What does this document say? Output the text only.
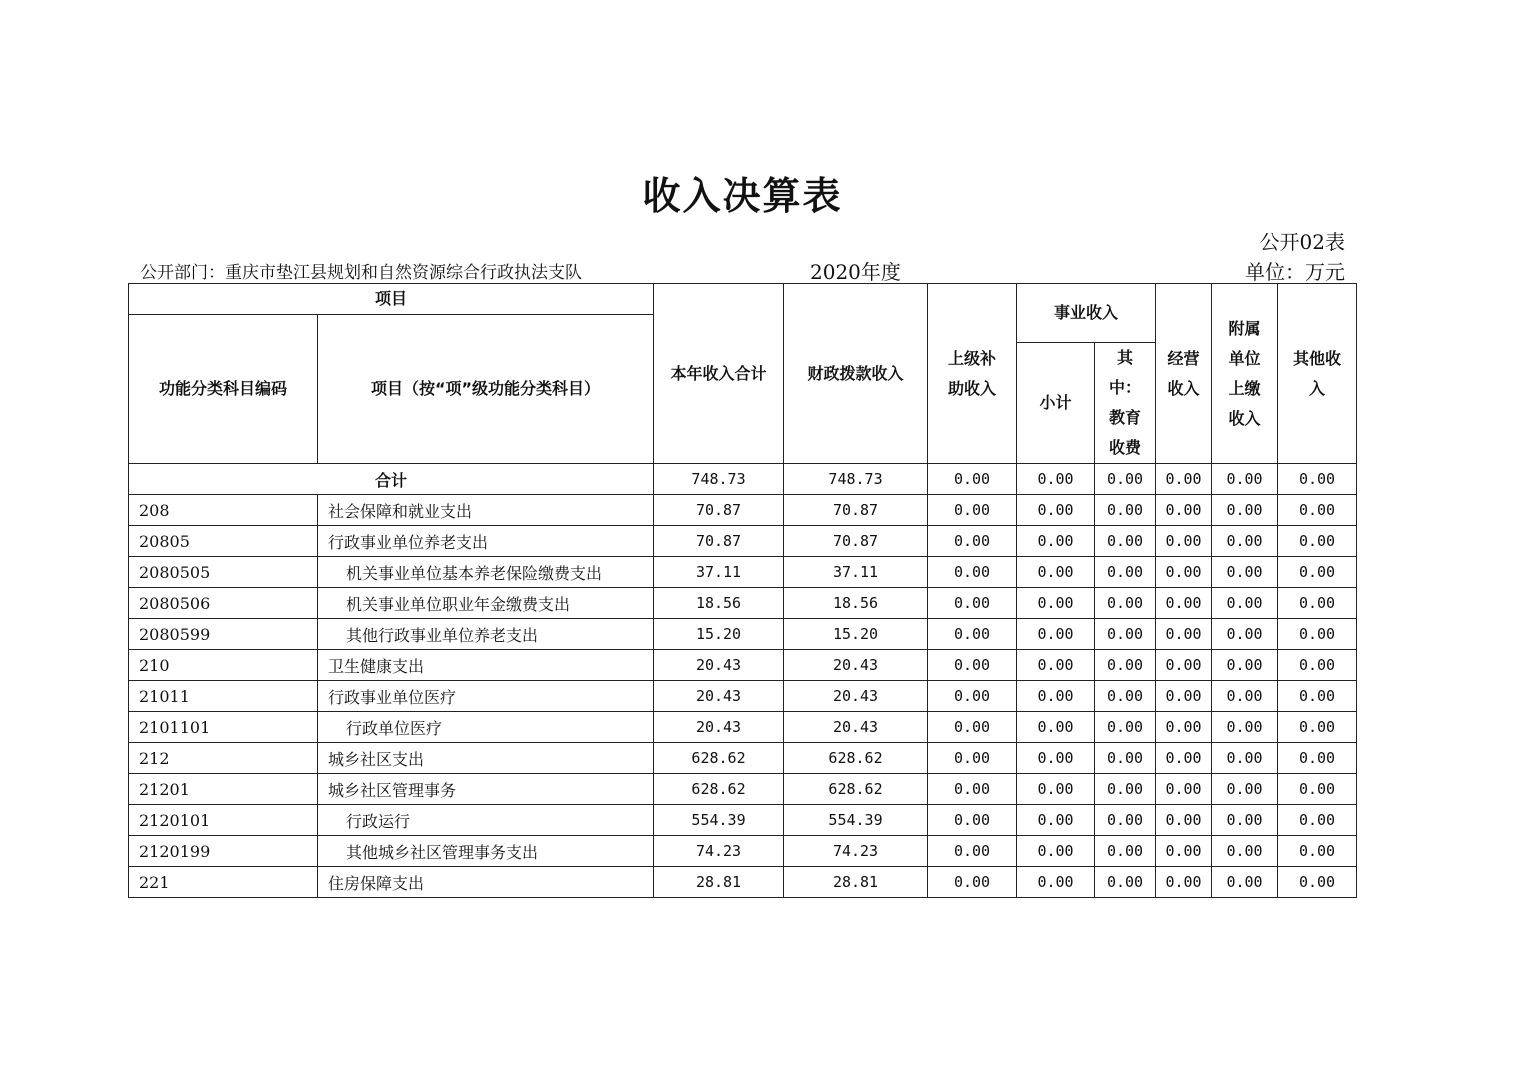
收入决算表
公开02表
公开部门：重庆市垫江县规划和自然资源综合行政执法支队	2020年度	单位：万元
项目		本年收入合计	财政拨款收入	上级补助收入	事业收入		经营收入	附属单位上缴收入	其他收入
功能分类科目编码	项目（按“项”级功能分类科目）								
					小计	其中：教育收费			
合计		748.73	748.73	0.00	0.00	0.00	0.00	0.00	0.00
208	社会保障和就业支出	70.87	70.87	0.00	0.00	0.00	0.00	0.00	0.00
20805	行政事业单位养老支出	70.87	70.87	0.00	0.00	0.00	0.00	0.00	0.00
2080505	机关事业单位基本养老保险缴费支出	37.11	37.11	0.00	0.00	0.00	0.00	0.00	0.00
2080506	机关事业单位职业年金缴费支出	18.56	18.56	0.00	0.00	0.00	0.00	0.00	0.00
2080599	其他行政事业单位养老支出	15.20	15.20	0.00	0.00	0.00	0.00	0.00	0.00
210	卫生健康支出	20.43	20.43	0.00	0.00	0.00	0.00	0.00	0.00
21011	行政事业单位医疗	20.43	20.43	0.00	0.00	0.00	0.00	0.00	0.00
2101101	行政单位医疗	20.43	20.43	0.00	0.00	0.00	0.00	0.00	0.00
212	城乡社区支出	628.62	628.62	0.00	0.00	0.00	0.00	0.00	0.00
21201	城乡社区管理事务	628.62	628.62	0.00	0.00	0.00	0.00	0.00	0.00
2120101	行政运行	554.39	554.39	0.00	0.00	0.00	0.00	0.00	0.00
2120199	其他城乡社区管理事务支出	74.23	74.23	0.00	0.00	0.00	0.00	0.00	0.00
221	住房保障支出	28.81	28.81	0.00	0.00	0.00	0.00	0.00	0.00
